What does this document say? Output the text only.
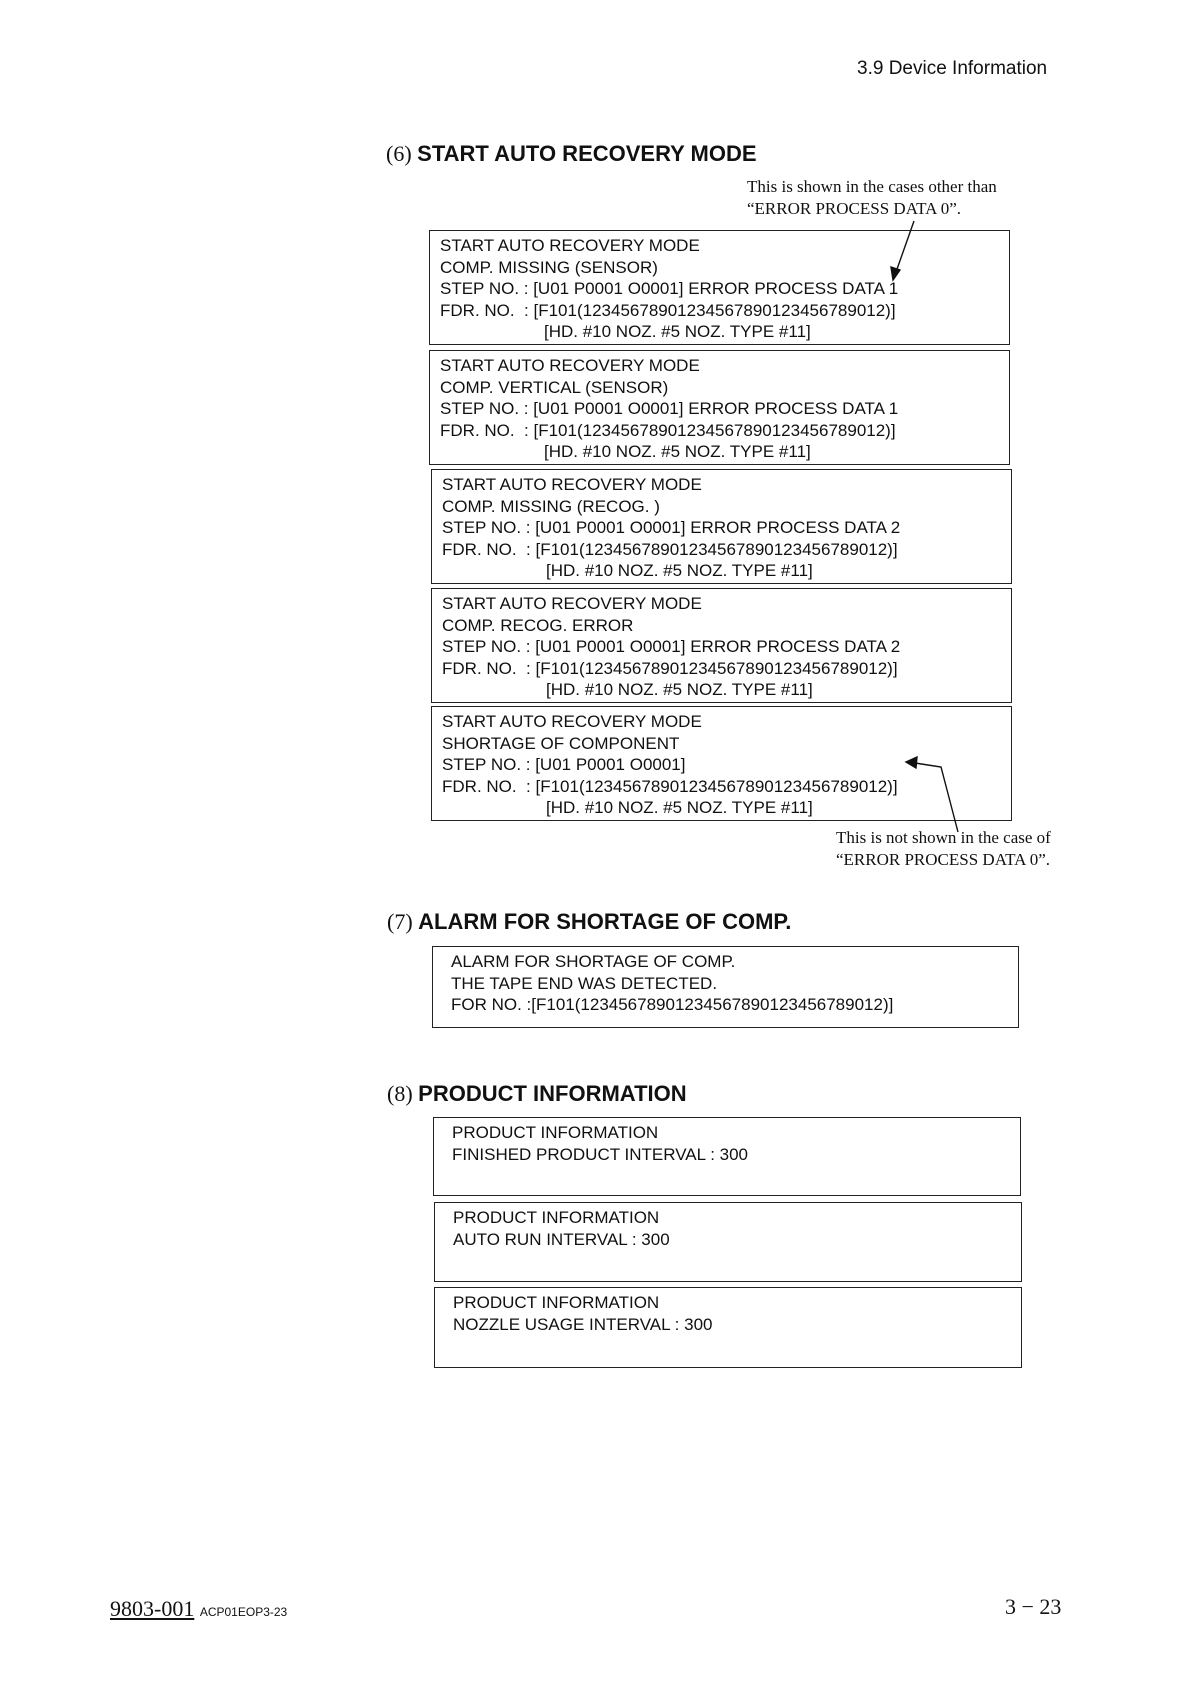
3.9 Device Information
(6) START AUTO RECOVERY MODE
This is shown in the cases other than
“ERROR PROCESS DATA 0”.
START AUTO RECOVERY MODE
COMP. MISSING (SENSOR)
STEP NO. : [U01 P0001 O0001] ERROR PROCESS DATA 1
FDR. NO.  : [F101(12345678901234567890123456789012)]
[HD. #10 NOZ. #5 NOZ. TYPE #11]
START AUTO RECOVERY MODE
COMP. VERTICAL (SENSOR)
STEP NO. : [U01 P0001 O0001] ERROR PROCESS DATA 1
FDR. NO.  : [F101(12345678901234567890123456789012)]
[HD. #10 NOZ. #5 NOZ. TYPE #11]
START AUTO RECOVERY MODE
COMP. MISSING (RECOG. )
STEP NO. : [U01 P0001 O0001] ERROR PROCESS DATA 2
FDR. NO.  : [F101(12345678901234567890123456789012)]
[HD. #10 NOZ. #5 NOZ. TYPE #11]
START AUTO RECOVERY MODE
COMP. RECOG. ERROR
STEP NO. : [U01 P0001 O0001] ERROR PROCESS DATA 2
FDR. NO.  : [F101(12345678901234567890123456789012)]
[HD. #10 NOZ. #5 NOZ. TYPE #11]
START AUTO RECOVERY MODE
SHORTAGE OF COMPONENT
STEP NO. : [U01 P0001 O0001]
FDR. NO.  : [F101(12345678901234567890123456789012)]
[HD. #10 NOZ. #5 NOZ. TYPE #11]
This is not shown in the case of
“ERROR PROCESS DATA 0”.
(7) ALARM FOR SHORTAGE OF COMP.
ALARM FOR SHORTAGE OF COMP.
THE TAPE END WAS DETECTED.
FOR NO. :[F101(12345678901234567890123456789012)]
(8) PRODUCT INFORMATION
PRODUCT INFORMATION
FINISHED PRODUCT INTERVAL : 300
PRODUCT INFORMATION
AUTO RUN INTERVAL : 300
PRODUCT INFORMATION
NOZZLE USAGE INTERVAL : 300
9803-001 ACP01EOP3-23	3 − 23
